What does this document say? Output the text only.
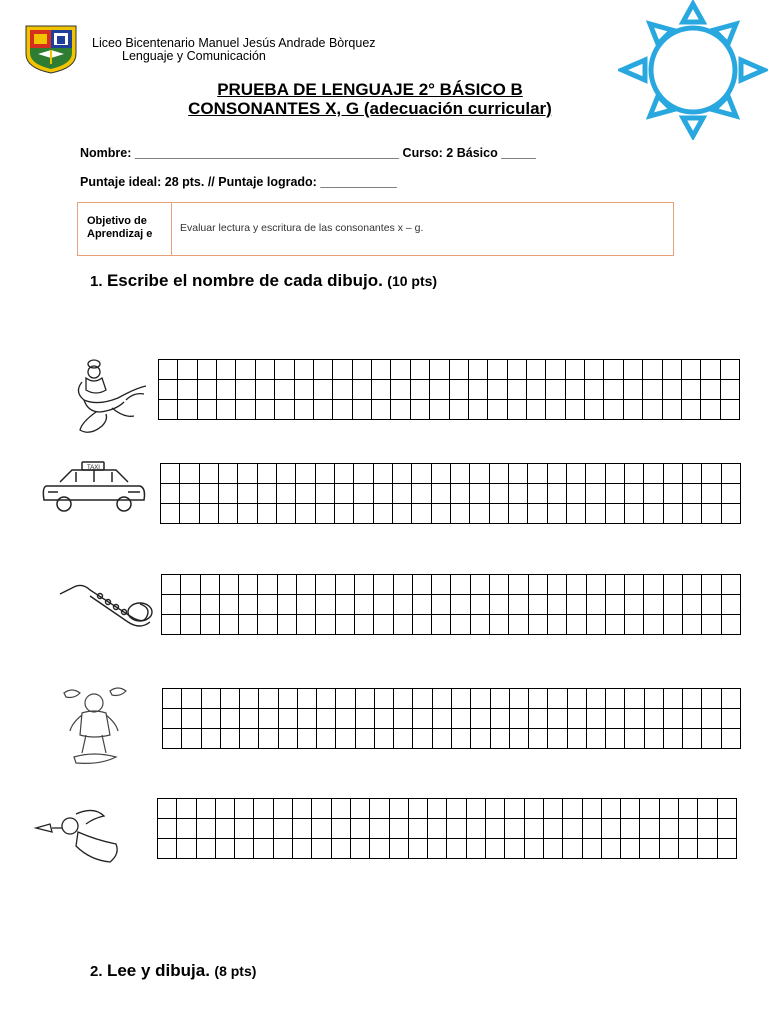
Liceo Bicentenario Manuel Jesús Andrade Bòrquez
Lenguaje y Comunicación
PRUEBA DE LENGUAJE 2° BÁSICO B
CONSONANTES X, G (adecuación curricular)
Nombre: ______________________________________ Curso: 2 Básico _____
Puntaje ideal: 28 pts. // Puntaje logrado: ___________
Objetivo de Aprendizaj e	Evaluar lectura y escritura de las consonantes x – g.
1. Escribe el nombre de cada dibujo. (10 pts)
TAXI
2. Lee y dibuja. (8 pts)
